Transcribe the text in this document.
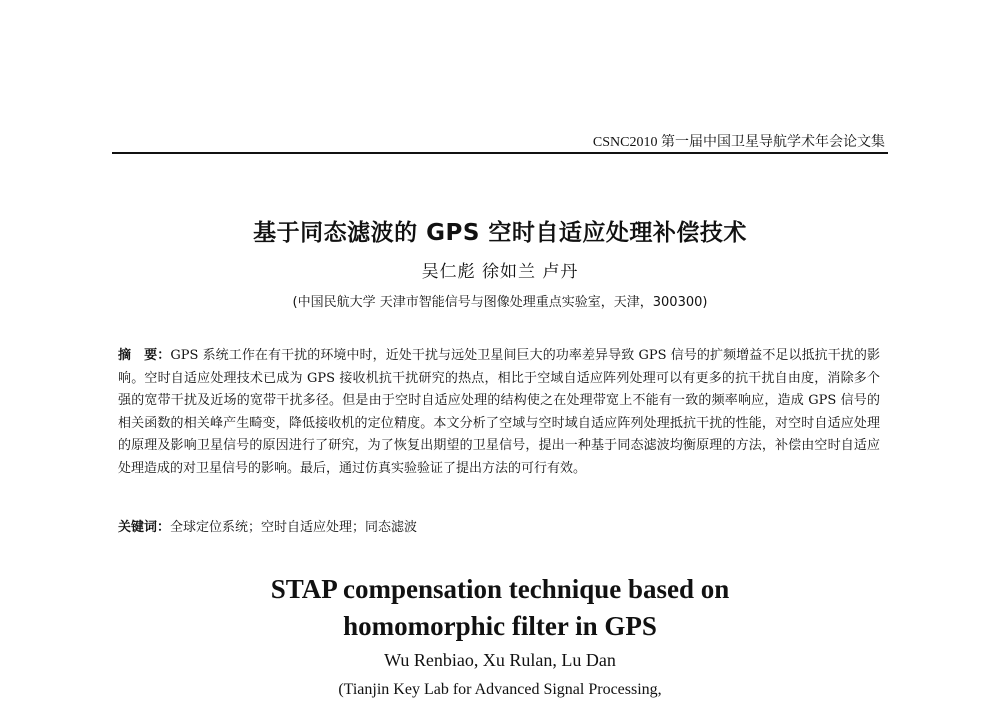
CSNC2010 第一届中国卫星导航学术年会论文集
基于同态滤波的 GPS 空时自适应处理补偿技术
吴仁彪 徐如兰 卢丹
(中国民航大学 天津市智能信号与图像处理重点实验室，天津，300300)
摘　要：GPS 系统工作在有干扰的环境中时，近处干扰与远处卫星间巨大的功率差异导致 GPS 信号的扩频增益不足以抵抗干扰的影响。空时自适应处理技术已成为 GPS 接收机抗干扰研究的热点，相比于空域自适应阵列处理可以有更多的抗干扰自由度，消除多个强的宽带干扰及近场的宽带干扰多径。但是由于空时自适应处理的结构使之在处理带宽上不能有一致的频率响应，造成 GPS 信号的相关函数的相关峰产生畸变，降低接收机的定位精度。本文分析了空域与空时域自适应阵列处理抵抗干扰的性能，对空时自适应处理的原理及影响卫星信号的原因进行了研究，为了恢复出期望的卫星信号，提出一种基于同态滤波均衡原理的方法，补偿由空时自适应处理造成的对卫星信号的影响。最后，通过仿真实验验证了提出方法的可行有效。
关键词：全球定位系统；空时自适应处理；同态滤波
STAP compensation technique based on
homomorphic filter in GPS
Wu Renbiao, Xu Rulan, Lu Dan
(Tianjin Key Lab for Advanced Signal Processing,
